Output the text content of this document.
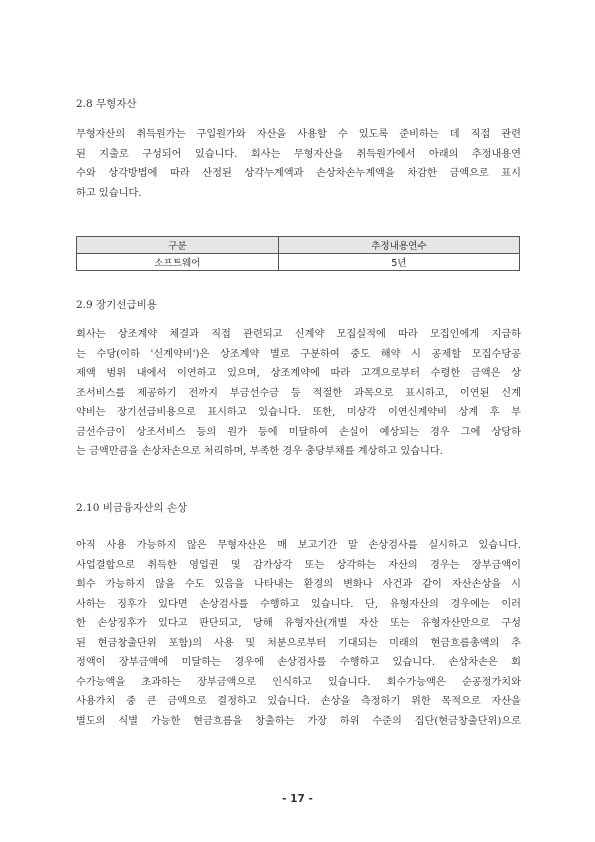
2.8 무형자산
무형자산의 취득원가는 구입원가와 자산을 사용할 수 있도록 준비하는 데 직접 관련
된 지출로 구성되어 있습니다. 회사는 무형자산을 취득원가에서 아래의 추정내용연
수와 상각방법에 따라 산정된 상각누계액과 손상차손누계액을 차감한 금액으로 표시
하고 있습니다.
구분	추정내용연수
소프트웨어	5년
2.9 장기선급비용
회사는 상조계약 체결과 직접 관련되고 신계약 모집실적에 따라 모집인에게 지급하
는 수당(이하 '신계약비')은 상조계약 별로 구분하여 중도 해약 시 공제할 모집수당공
제액 범위 내에서 이연하고 있으며, 상조계약에 따라 고객으로부터 수령한 금액은 상
조서비스를 제공하기 전까지 부금선수금 등 적절한 과목으로 표시하고, 이연된 신계
약비는 장기선급비용으로 표시하고 있습니다. 또한, 미상각 이연신계약비 상계 후 부
금선수금이 상조서비스 등의 원가 등에 미달하여 손실이 예상되는 경우 그에 상당하
는 금액만큼을 손상차손으로 처리하며, 부족한 경우 충당부채를 계상하고 있습니다.
2.10 비금융자산의 손상
아직 사용 가능하지 않은 무형자산은 매 보고기간 말 손상검사를 실시하고 있습니다.
사업결합으로 취득한 영업권 및 감가상각 또는 상각하는 자산의 경우는 장부금액이
회수 가능하지 않을 수도 있음을 나타내는 환경의 변화나 사건과 같이 자산손상을 시
사하는 징후가 있다면 손상검사를 수행하고 있습니다. 단, 유형자산의 경우에는 이러
한 손상징후가 있다고 판단되고, 당해 유형자산(개별 자산 또는 유형자산만으로 구성
된 현금창출단위 포함)의 사용 및 처분으로부터 기대되는 미래의 현금흐름총액의 추
정액이 장부금액에 미달하는 경우에 손상검사를 수행하고 있습니다. 손상차손은 회
수가능액을 초과하는 장부금액으로 인식하고 있습니다. 회수가능액은 순공정가치와
사용가치 중 큰 금액으로 결정하고 있습니다. 손상을 측정하기 위한 목적으로 자산을
별도의 식별 가능한 현금흐름을 창출하는 가장 하위 수준의 집단(현금창출단위)으로
- 17 -
